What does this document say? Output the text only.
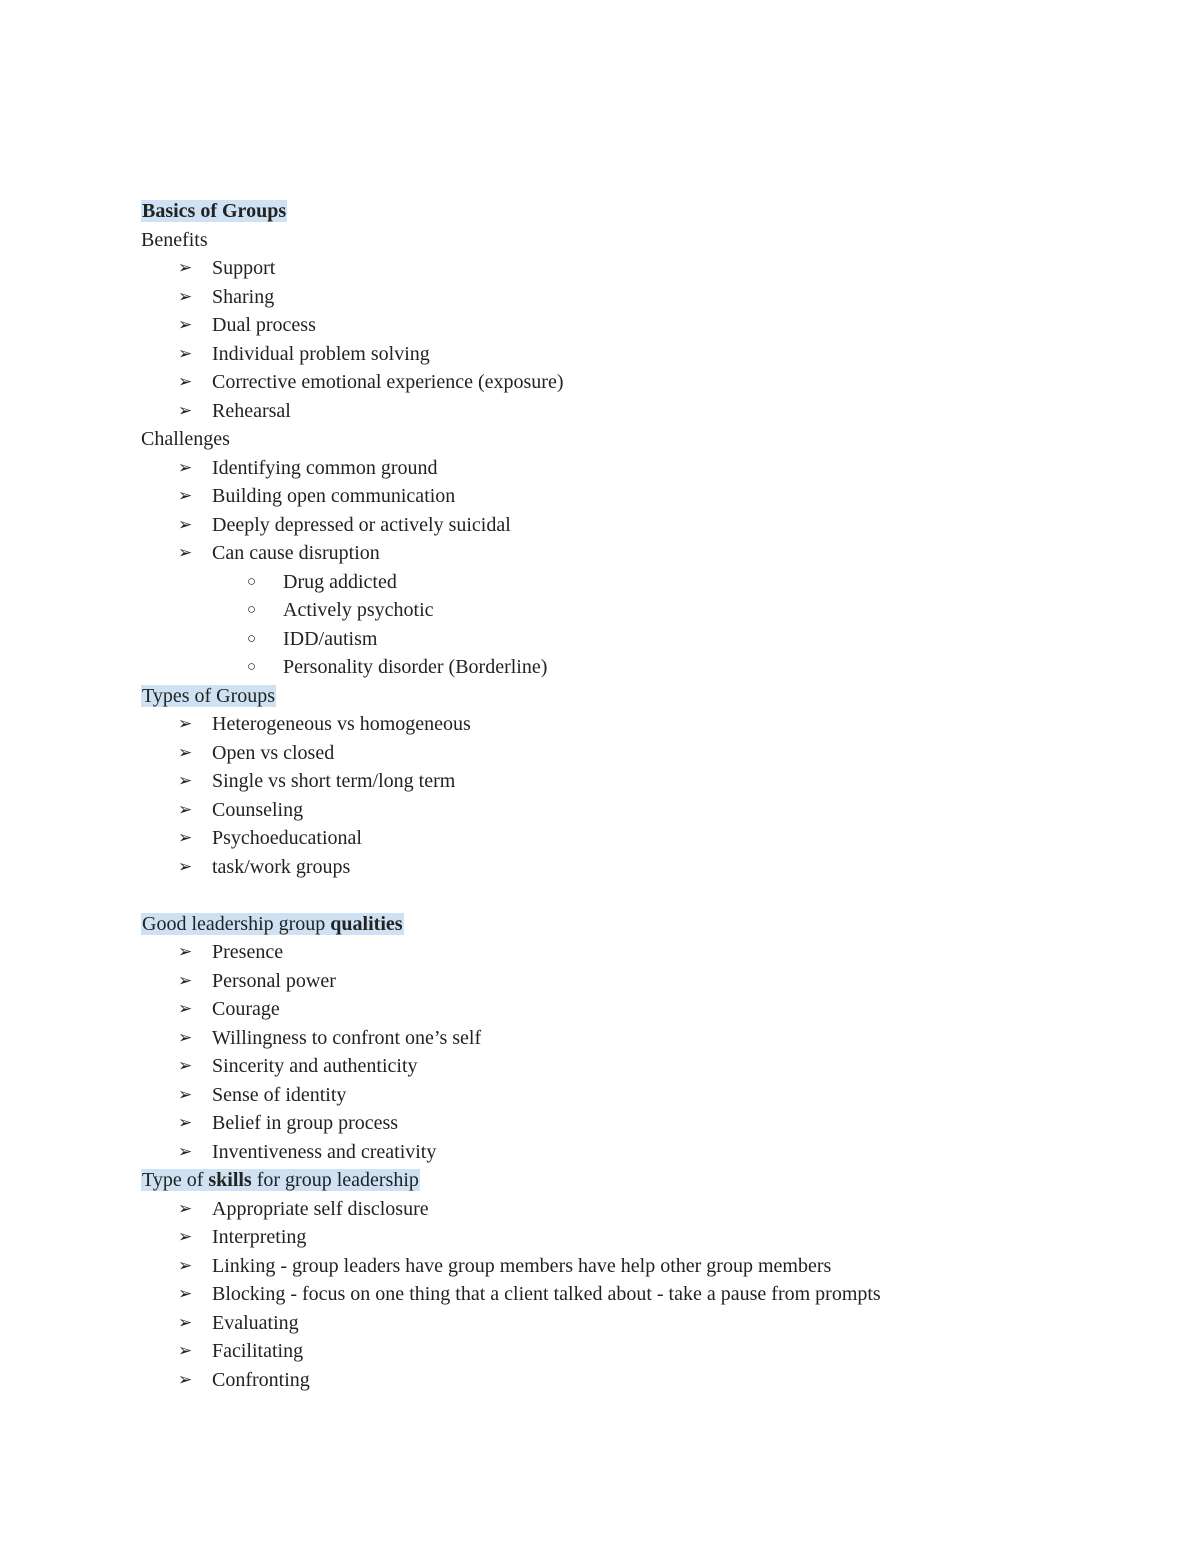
Basics of Groups
Benefits
➢ Support
➢ Sharing
➢ Dual process
➢ Individual problem solving
➢ Corrective emotional experience (exposure)
➢ Rehearsal
Challenges
➢ Identifying common ground
➢ Building open communication
➢ Deeply depressed or actively suicidal
➢ Can cause disruption
○ Drug addicted
○ Actively psychotic
○ IDD/autism
○ Personality disorder (Borderline)
Types of Groups
➢ Heterogeneous vs homogeneous
➢ Open vs closed
➢ Single vs short term/long term
➢ Counseling
➢ Psychoeducational
➢ task/work groups
Good leadership group qualities
➢ Presence
➢ Personal power
➢ Courage
➢ Willingness to confront one’s self
➢ Sincerity and authenticity
➢ Sense of identity
➢ Belief in group process
➢ Inventiveness and creativity
Type of skills for group leadership
➢ Appropriate self disclosure
➢ Interpreting
➢ Linking - group leaders have group members have help other group members
➢ Blocking - focus on one thing that a client talked about - take a pause from prompts
➢ Evaluating
➢ Facilitating
➢ Confronting
